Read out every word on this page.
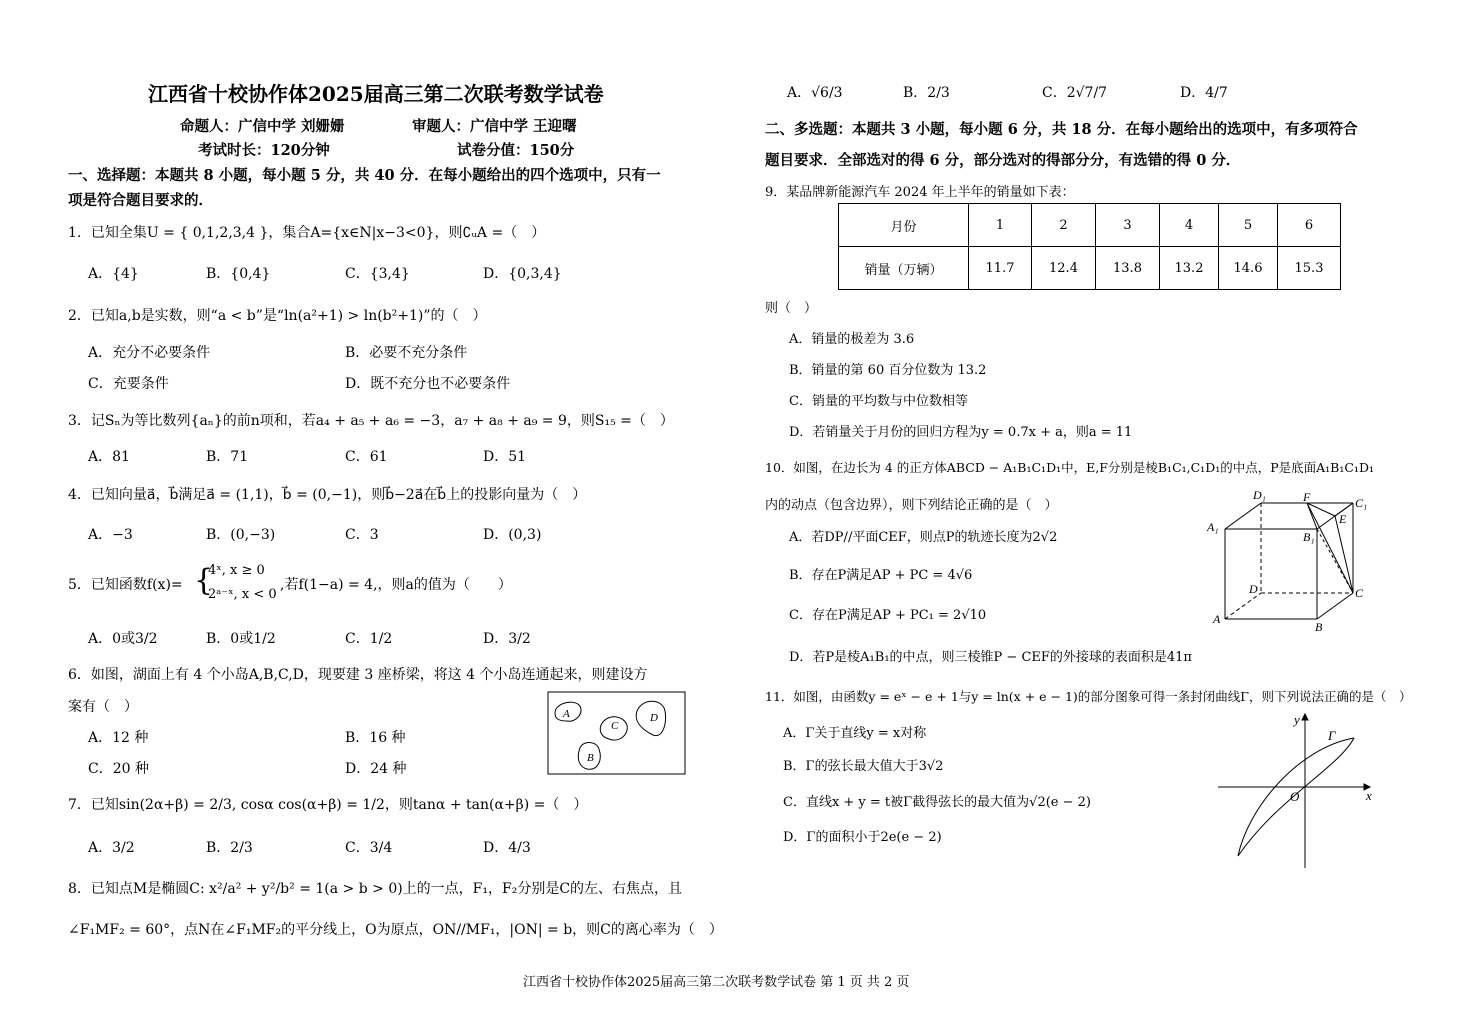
江西省十校协作体2025届高三第二次联考数学试卷
命题人：广信中学 刘姗姗	审题人：广信中学 王迎曙
考试时长：120分钟	试卷分值：150分
一、选择题：本题共 8 小题，每小题 5 分，共 40 分．在每小题给出的四个选项中，只有一
项是符合题目要求的．
1．已知全集U = { 0,1,2,3,4 }，集合A={x∈N|x−3<0}，则∁ᵤA =（　）
A．{4}	B．{0,4}	C．{3,4}	D．{0,3,4}
2．已知a,b是实数，则“a < b”是“ln(a²+1) > ln(b²+1)”的（　）
A．充分不必要条件	B．必要不充分条件
C．充要条件	D．既不充分也不必要条件
3．记Sₙ为等比数列{aₙ}的前n项和，若a₄ + a₅ + a₆ = −3，a₇ + a₈ + a₉ = 9，则S₁₅ =（　）
A．81	B．71	C．61	D．51
4．已知向量a⃗，b⃗满足a⃗ = (1,1)，b⃗ = (0,−1)，则b⃗−2a⃗在b⃗上的投影向量为（　）
A．−3	B．(0,−3)	C．3	D．(0,3)
5．已知函数f(x)= {
4ˣ, x ≥ 0
2ᵃ⁻ˣ, x < 0
,若f(1−a) = 4,，则a的值为（　　）
A．0或3/2	B．0或1/2	C．1/2	D．3/2
6．如图，湖面上有 4 个小岛A,B,C,D，现要建 3 座桥梁，将这 4 个小岛连通起来，则建设方
案有（　）
A．12 种	B．16 种
C．20 种	D．24 种
A
C
D
B
7．已知sin(2α+β) = 2/3, cosα cos(α+β) = 1/2，则tanα + tan(α+β) =（　）
A．3/2	B．2/3	C．3/4	D．4/3
8．已知点M是椭圆C: x²/a² + y²/b² = 1(a > b > 0)上的一点，F₁，F₂分别是C的左、右焦点，且
∠F₁MF₂ = 60°，点N在∠F₁MF₂的平分线上，O为原点，ON//MF₁，|ON| = b，则C的离心率为（　）
A．√6/3	B．2/3	C．2√7/7	D．4/7
二、多选题：本题共 3 小题，每小题 6 分，共 18 分．在每小题给出的选项中，有多项符合
题目要求．全部选对的得 6 分，部分选对的得部分分，有选错的得 0 分．
9．某品牌新能源汽车 2024 年上半年的销量如下表：
月份	1	2	3	4	5	6
销量（万辆）	11.7	12.4	13.8	13.2	14.6	15.3
则（　）
A．销量的极差为 3.6
B．销量的第 60 百分位数为 13.2
C．销量的平均数与中位数相等
D．若销量关于月份的回归方程为y = 0.7x + a，则a = 11
10．如图，在边长为 4 的正方体ABCD − A₁B₁C₁D₁中，E,F分别是棱B₁C₁,C₁D₁的中点，P是底面A₁B₁C₁D₁
内的动点（包含边界），则下列结论正确的是（　）
A．若DP//平面CEF，则点P的轨迹长度为2√2
B．存在P满足AP + PC = 4√6
C．存在P满足AP + PC₁ = 2√10
D．若P是棱A₁B₁的中点，则三棱锥P − CEF的外接球的表面积是41π
D₁	F	C₁
A₁
E
B₁
D	C
A
B
11．如图，由函数y = eˣ − e + 1与y = ln(x + e − 1)的部分图象可得一条封闭曲线Γ，则下列说法正确的是（　）
A．Γ关于直线y = x对称
B．Γ的弦长最大值大于3√2
C．直线x + y = t被Γ截得弦长的最大值为√2(e − 2)
D．Γ的面积小于2e(e − 2)
y
x
O
Γ
江西省十校协作体2025届高三第二次联考数学试卷 第 1 页 共 2 页
